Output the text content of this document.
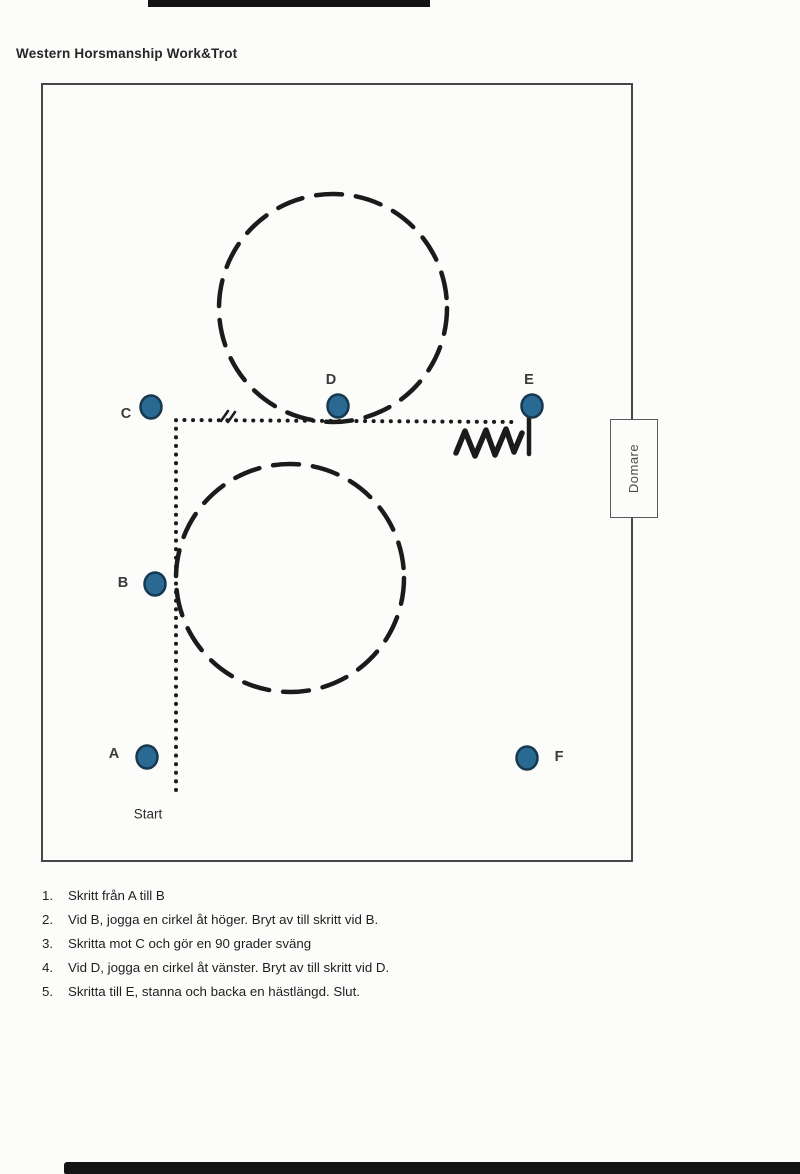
Western Horsmanship Work&Trot
A
B
C
D	E
F
Domare
Start
1.	Skritt från A till B
2.	Vid B, jogga en cirkel åt höger. Bryt av till skritt vid B.
3.	Skritta mot C och gör en 90 grader sväng
4.	Vid D, jogga en cirkel åt vänster. Bryt av till skritt vid D.
5.	Skritta till E, stanna och backa en hästlängd. Slut.
